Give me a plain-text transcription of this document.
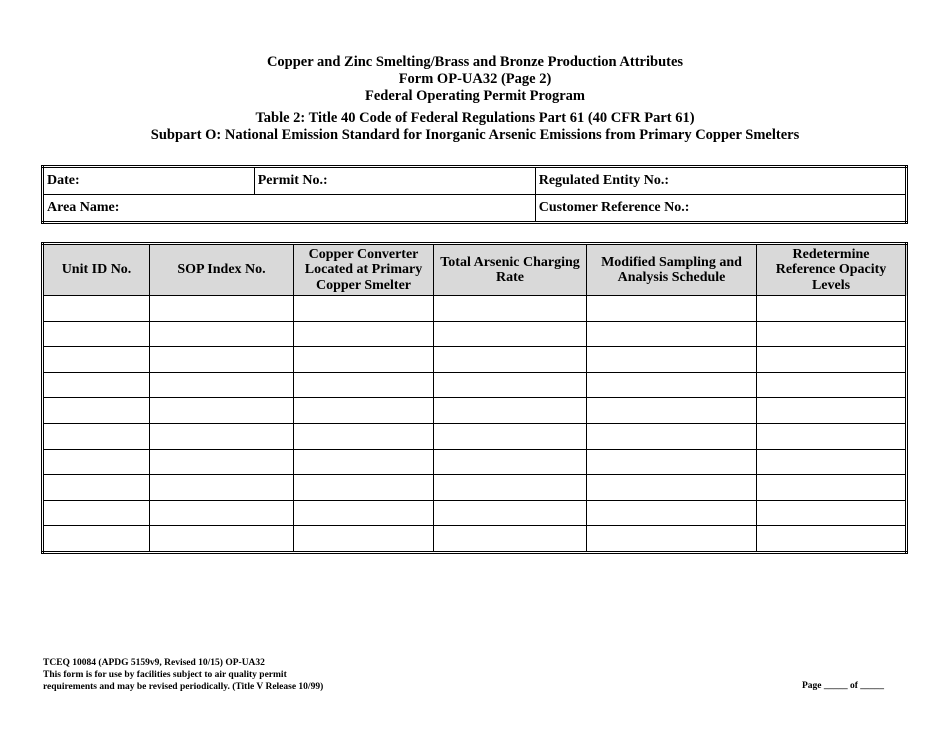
Copper and Zinc Smelting/Brass and Bronze Production Attributes
Form OP-UA32 (Page 2)
Federal Operating Permit Program
Table 2: Title 40 Code of Federal Regulations Part 61 (40 CFR Part 61)
Subpart O: National Emission Standard for Inorganic Arsenic Emissions from Primary Copper Smelters
Date:	Permit No.:	Regulated Entity No.:
Area Name:		Customer Reference No.:
Unit ID No.	SOP Index No.	Copper Converter Located at Primary Copper Smelter	Total Arsenic Charging Rate	Modified Sampling and Analysis Schedule	Redetermine Reference Opacity Levels

TCEQ 10084 (APDG 5159v9, Revised 10/15) OP-UA32
This form is for use by facilities subject to air quality permit
requirements and may be revised periodically. (Title V Release 10/99)	Page _____ of _____
